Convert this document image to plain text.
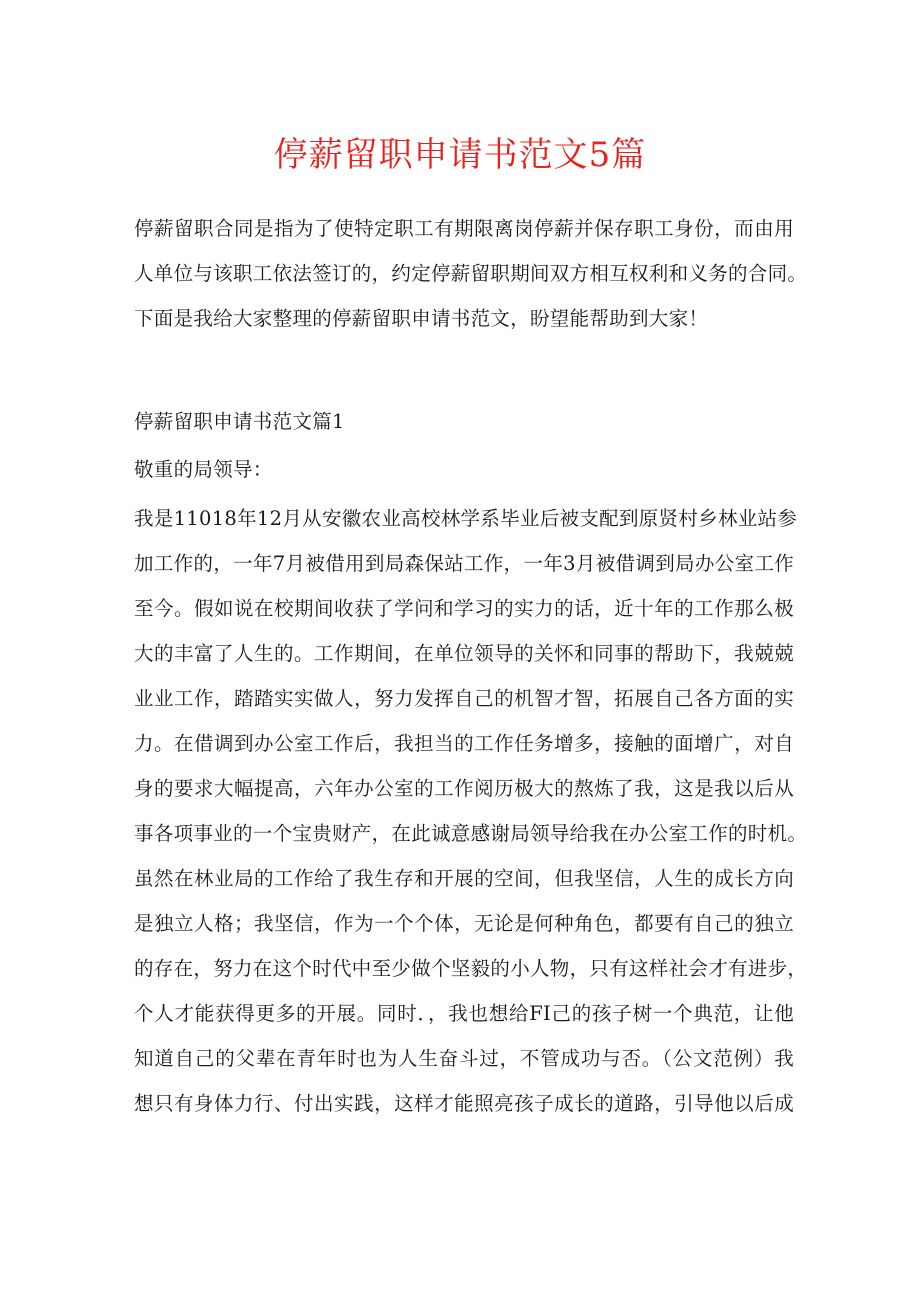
停薪留职申请书范文5篇
停薪留职合同是指为了使特定职工有期限离岗停薪并保存职工身份，而由用
人单位与该职工依法签订的，约定停薪留职期间双方相互权利和义务的合同。
下面是我给大家整理的停薪留职申请书范文，盼望能帮助到大家！
停薪留职申请书范文篇1
敬重的局领导：
我是11018年12月从安徽农业高校林学系毕业后被支配到原贤村乡林业站参
加工作的，一年7月被借用到局森保站工作，一年3月被借调到局办公室工作
至今。假如说在校期间收获了学问和学习的实力的话，近十年的工作那么极
大的丰富了人生的。工作期间，在单位领导的关怀和同事的帮助下，我兢兢
业业工作，踏踏实实做人，努力发挥自己的机智才智，拓展自己各方面的实
力。在借调到办公室工作后，我担当的工作任务增多，接触的面增广，对自
身的要求大幅提高，六年办公室的工作阅历极大的熬炼了我，这是我以后从
事各项事业的一个宝贵财产，在此诚意感谢局领导给我在办公室工作的时机。
虽然在林业局的工作给了我生存和开展的空间，但我坚信，人生的成长方向
是独立人格；我坚信，作为一个个体，无论是何种角色，都要有自己的独立
的存在，努力在这个时代中至少做个坚毅的小人物，只有这样社会才有进步，
个人才能获得更多的开展。同时．，我也想给FI己的孩子树一个典范，让他
知道自己的父辈在青年时也为人生奋斗过，不管成功与否。（公文范例）我
想只有身体力行、付出实践，这样才能照亮孩子成长的道路，引导他以后成
